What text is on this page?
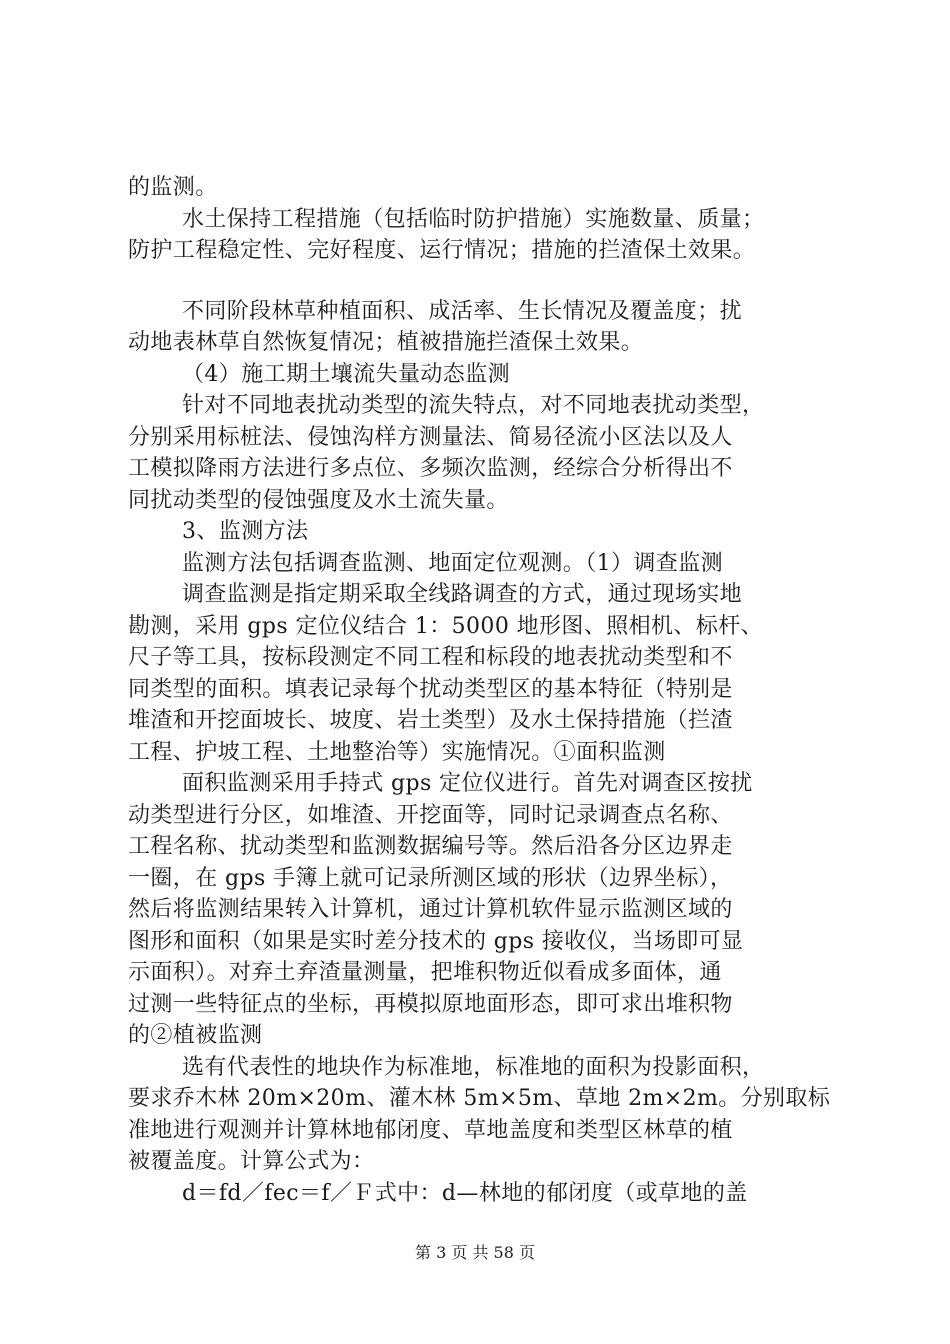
的监测。
水土保持工程措施（包括临时防护措施）实施数量、质量；
防护工程稳定性、完好程度、运行情况；措施的拦渣保土效果。
不同阶段林草种植面积、成活率、生长情况及覆盖度；扰
动地表林草自然恢复情况；植被措施拦渣保土效果。
（4）施工期土壤流失量动态监测
针对不同地表扰动类型的流失特点，对不同地表扰动类型，
分别采用标桩法、侵蚀沟样方测量法、简易径流小区法以及人
工模拟降雨方法进行多点位、多频次监测，经综合分析得出不
同扰动类型的侵蚀强度及水土流失量。
3、监测方法
监测方法包括调查监测、地面定位观测。（1）调查监测
调查监测是指定期采取全线路调查的方式，通过现场实地
勘测，采用 gps 定位仪结合 1：5000 地形图、照相机、标杆、
尺子等工具，按标段测定不同工程和标段的地表扰动类型和不
同类型的面积。填表记录每个扰动类型区的基本特征（特别是
堆渣和开挖面坡长、坡度、岩土类型）及水土保持措施（拦渣
工程、护坡工程、土地整治等）实施情况。①面积监测
面积监测采用手持式 gps 定位仪进行。首先对调查区按扰
动类型进行分区，如堆渣、开挖面等，同时记录调查点名称、
工程名称、扰动类型和监测数据编号等。然后沿各分区边界走
一圈，在 gps 手簿上就可记录所测区域的形状（边界坐标），
然后将监测结果转入计算机，通过计算机软件显示监测区域的
图形和面积（如果是实时差分技术的 gps 接收仪，当场即可显
示面积）。对弃土弃渣量测量，把堆积物近似看成多面体，通
过测一些特征点的坐标，再模拟原地面形态，即可求出堆积物
的②植被监测
选有代表性的地块作为标准地，标准地的面积为投影面积，
要求乔木林 20m×20m、灌木林 5m×5m、草地 2m×2m。分别取标
准地进行观测并计算林地郁闭度、草地盖度和类型区林草的植
被覆盖度。计算公式为：
d＝fd／fec＝f／Ｆ式中：d—林地的郁闭度（或草地的盖
第 3 页 共 58 页
